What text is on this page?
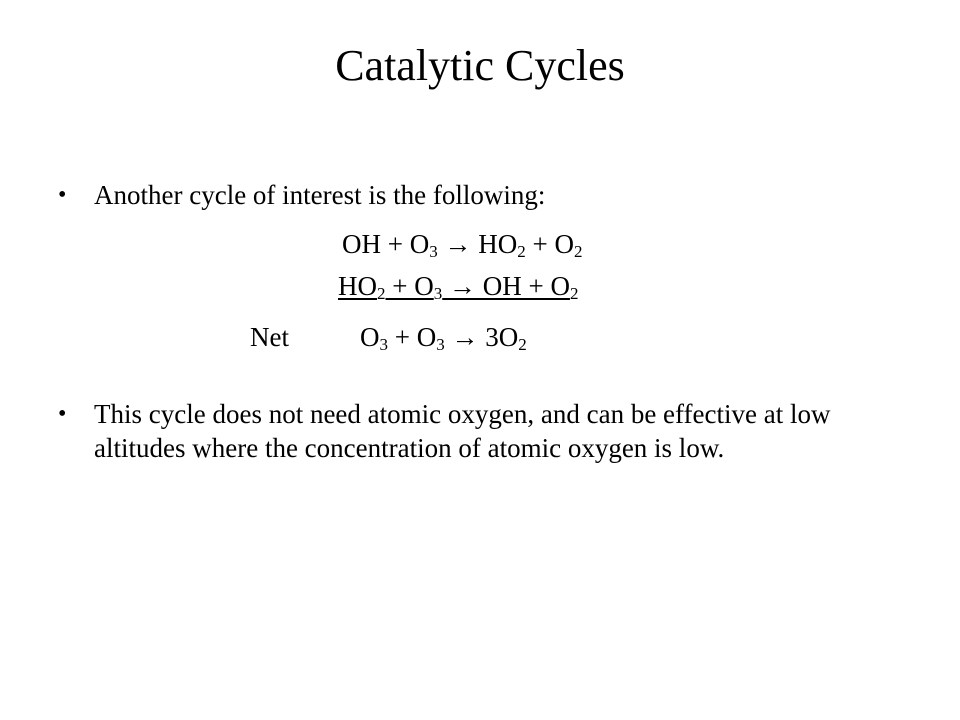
Catalytic Cycles
• Another cycle of interest is the following:
OH + $O_3 \to HO_2 + O_2$
$HO_2 + O_3$ → OH + $O_2$
Net	$O_3 + O_3 \to 3O_2$
• This cycle does not need atomic oxygen, and can be effective at low altitudes where the concentration of atomic oxygen is low.
